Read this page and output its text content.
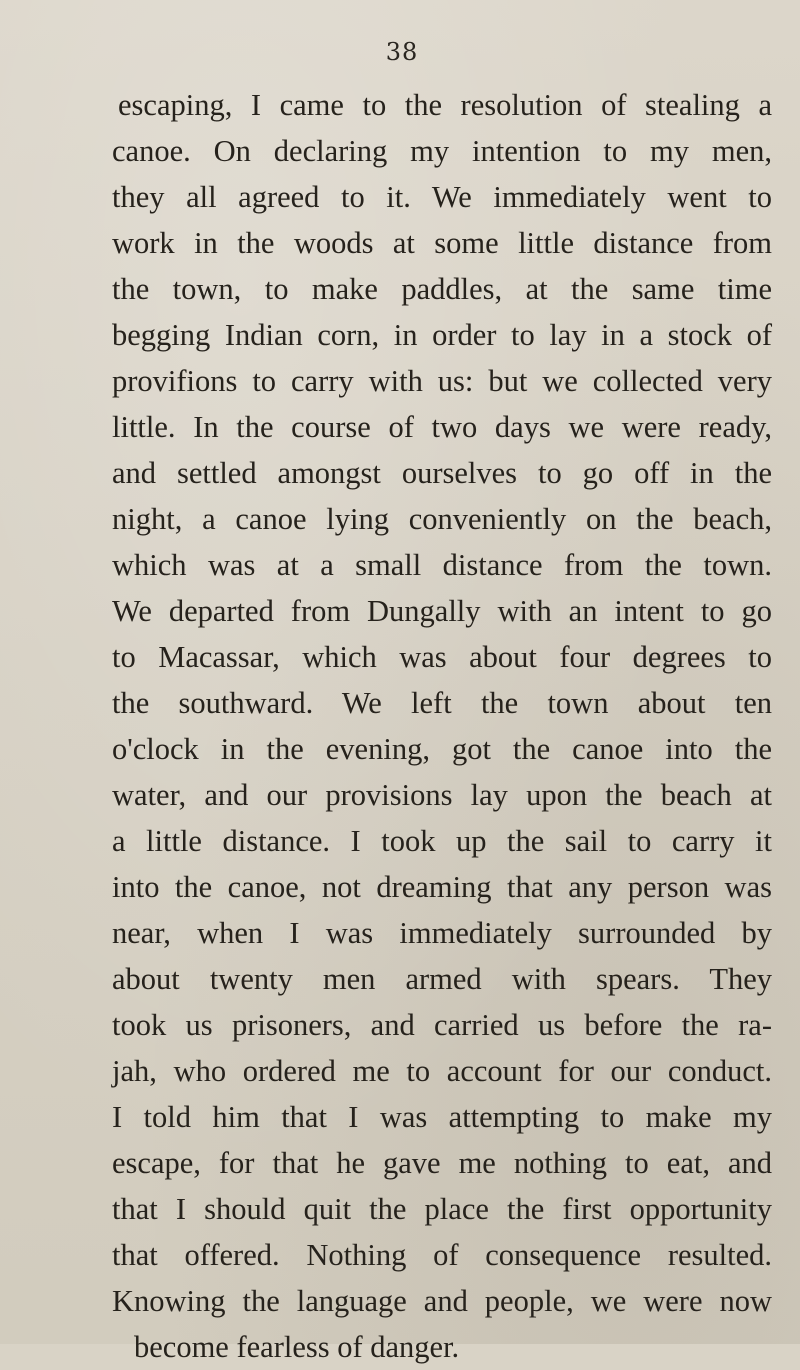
38
escaping, I came to the resolution of stealing a
canoe. On declaring my intention to my men,
they all agreed to it. We immediately went to
work in the woods at some little distance from
the town, to make paddles, at the same time
begging Indian corn, in order to lay in a stock of
provifions to carry with us: but we collected very
little. In the course of two days we were ready,
and settled amongst ourselves to go off in the
night, a canoe lying conveniently on the beach,
which was at a small distance from the town.
We departed from Dungally with an intent to go
to Macassar, which was about four degrees to
the southward. We left the town about ten
o'clock in the evening, got the canoe into the
water, and our provisions lay upon the beach at
a little distance. I took up the sail to carry it
into the canoe, not dreaming that any person was
near, when I was immediately surrounded by
about twenty men armed with spears. They
took us prisoners, and carried us before the ra-
jah, who ordered me to account for our conduct.
I told him that I was attempting to make my
escape, for that he gave me nothing to eat, and
that I should quit the place the first opportunity
that offered. Nothing of consequence resulted.
Knowing the language and people, we were now
become fearless of danger.
